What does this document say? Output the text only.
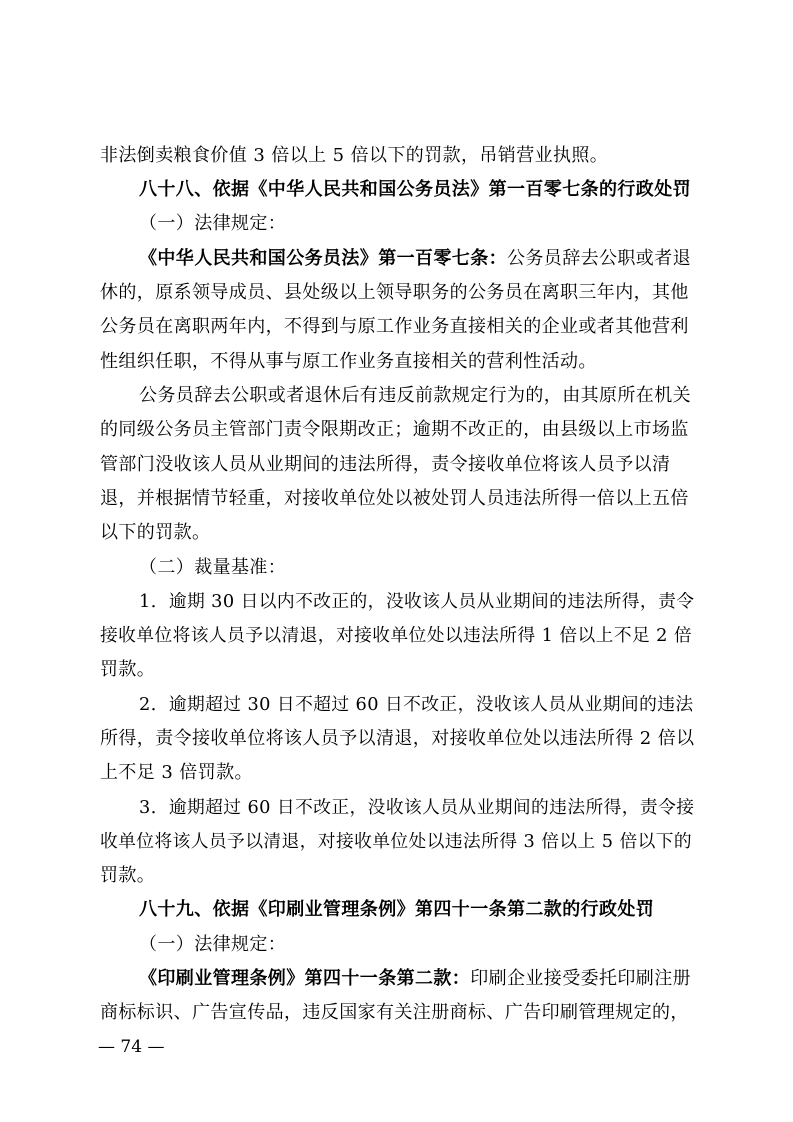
非法倒卖粮食价值 3 倍以上 5 倍以下的罚款，吊销营业执照。
八十八、依据《中华人民共和国公务员法》第一百零七条的行政处罚
（一）法律规定：
《中华人民共和国公务员法》第一百零七条：公务员辞去公职或者退
休的，原系领导成员、县处级以上领导职务的公务员在离职三年内，其他
公务员在离职两年内，不得到与原工作业务直接相关的企业或者其他营利
性组织任职，不得从事与原工作业务直接相关的营利性活动。
公务员辞去公职或者退休后有违反前款规定行为的，由其原所在机关
的同级公务员主管部门责令限期改正；逾期不改正的，由县级以上市场监
管部门没收该人员从业期间的违法所得，责令接收单位将该人员予以清
退，并根据情节轻重，对接收单位处以被处罚人员违法所得一倍以上五倍
以下的罚款。
（二）裁量基准：
1．逾期 30 日以内不改正的，没收该人员从业期间的违法所得，责令
接收单位将该人员予以清退，对接收单位处以违法所得 1 倍以上不足 2 倍
罚款。
2．逾期超过 30 日不超过 60 日不改正，没收该人员从业期间的违法
所得，责令接收单位将该人员予以清退，对接收单位处以违法所得 2 倍以
上不足 3 倍罚款。
3．逾期超过 60 日不改正，没收该人员从业期间的违法所得，责令接
收单位将该人员予以清退，对接收单位处以违法所得 3 倍以上 5 倍以下的
罚款。
八十九、依据《印刷业管理条例》第四十一条第二款的行政处罚
（一）法律规定：
《印刷业管理条例》第四十一条第二款：印刷企业接受委托印刷注册
商标标识、广告宣传品，违反国家有关注册商标、广告印刷管理规定的，
— 74 —
